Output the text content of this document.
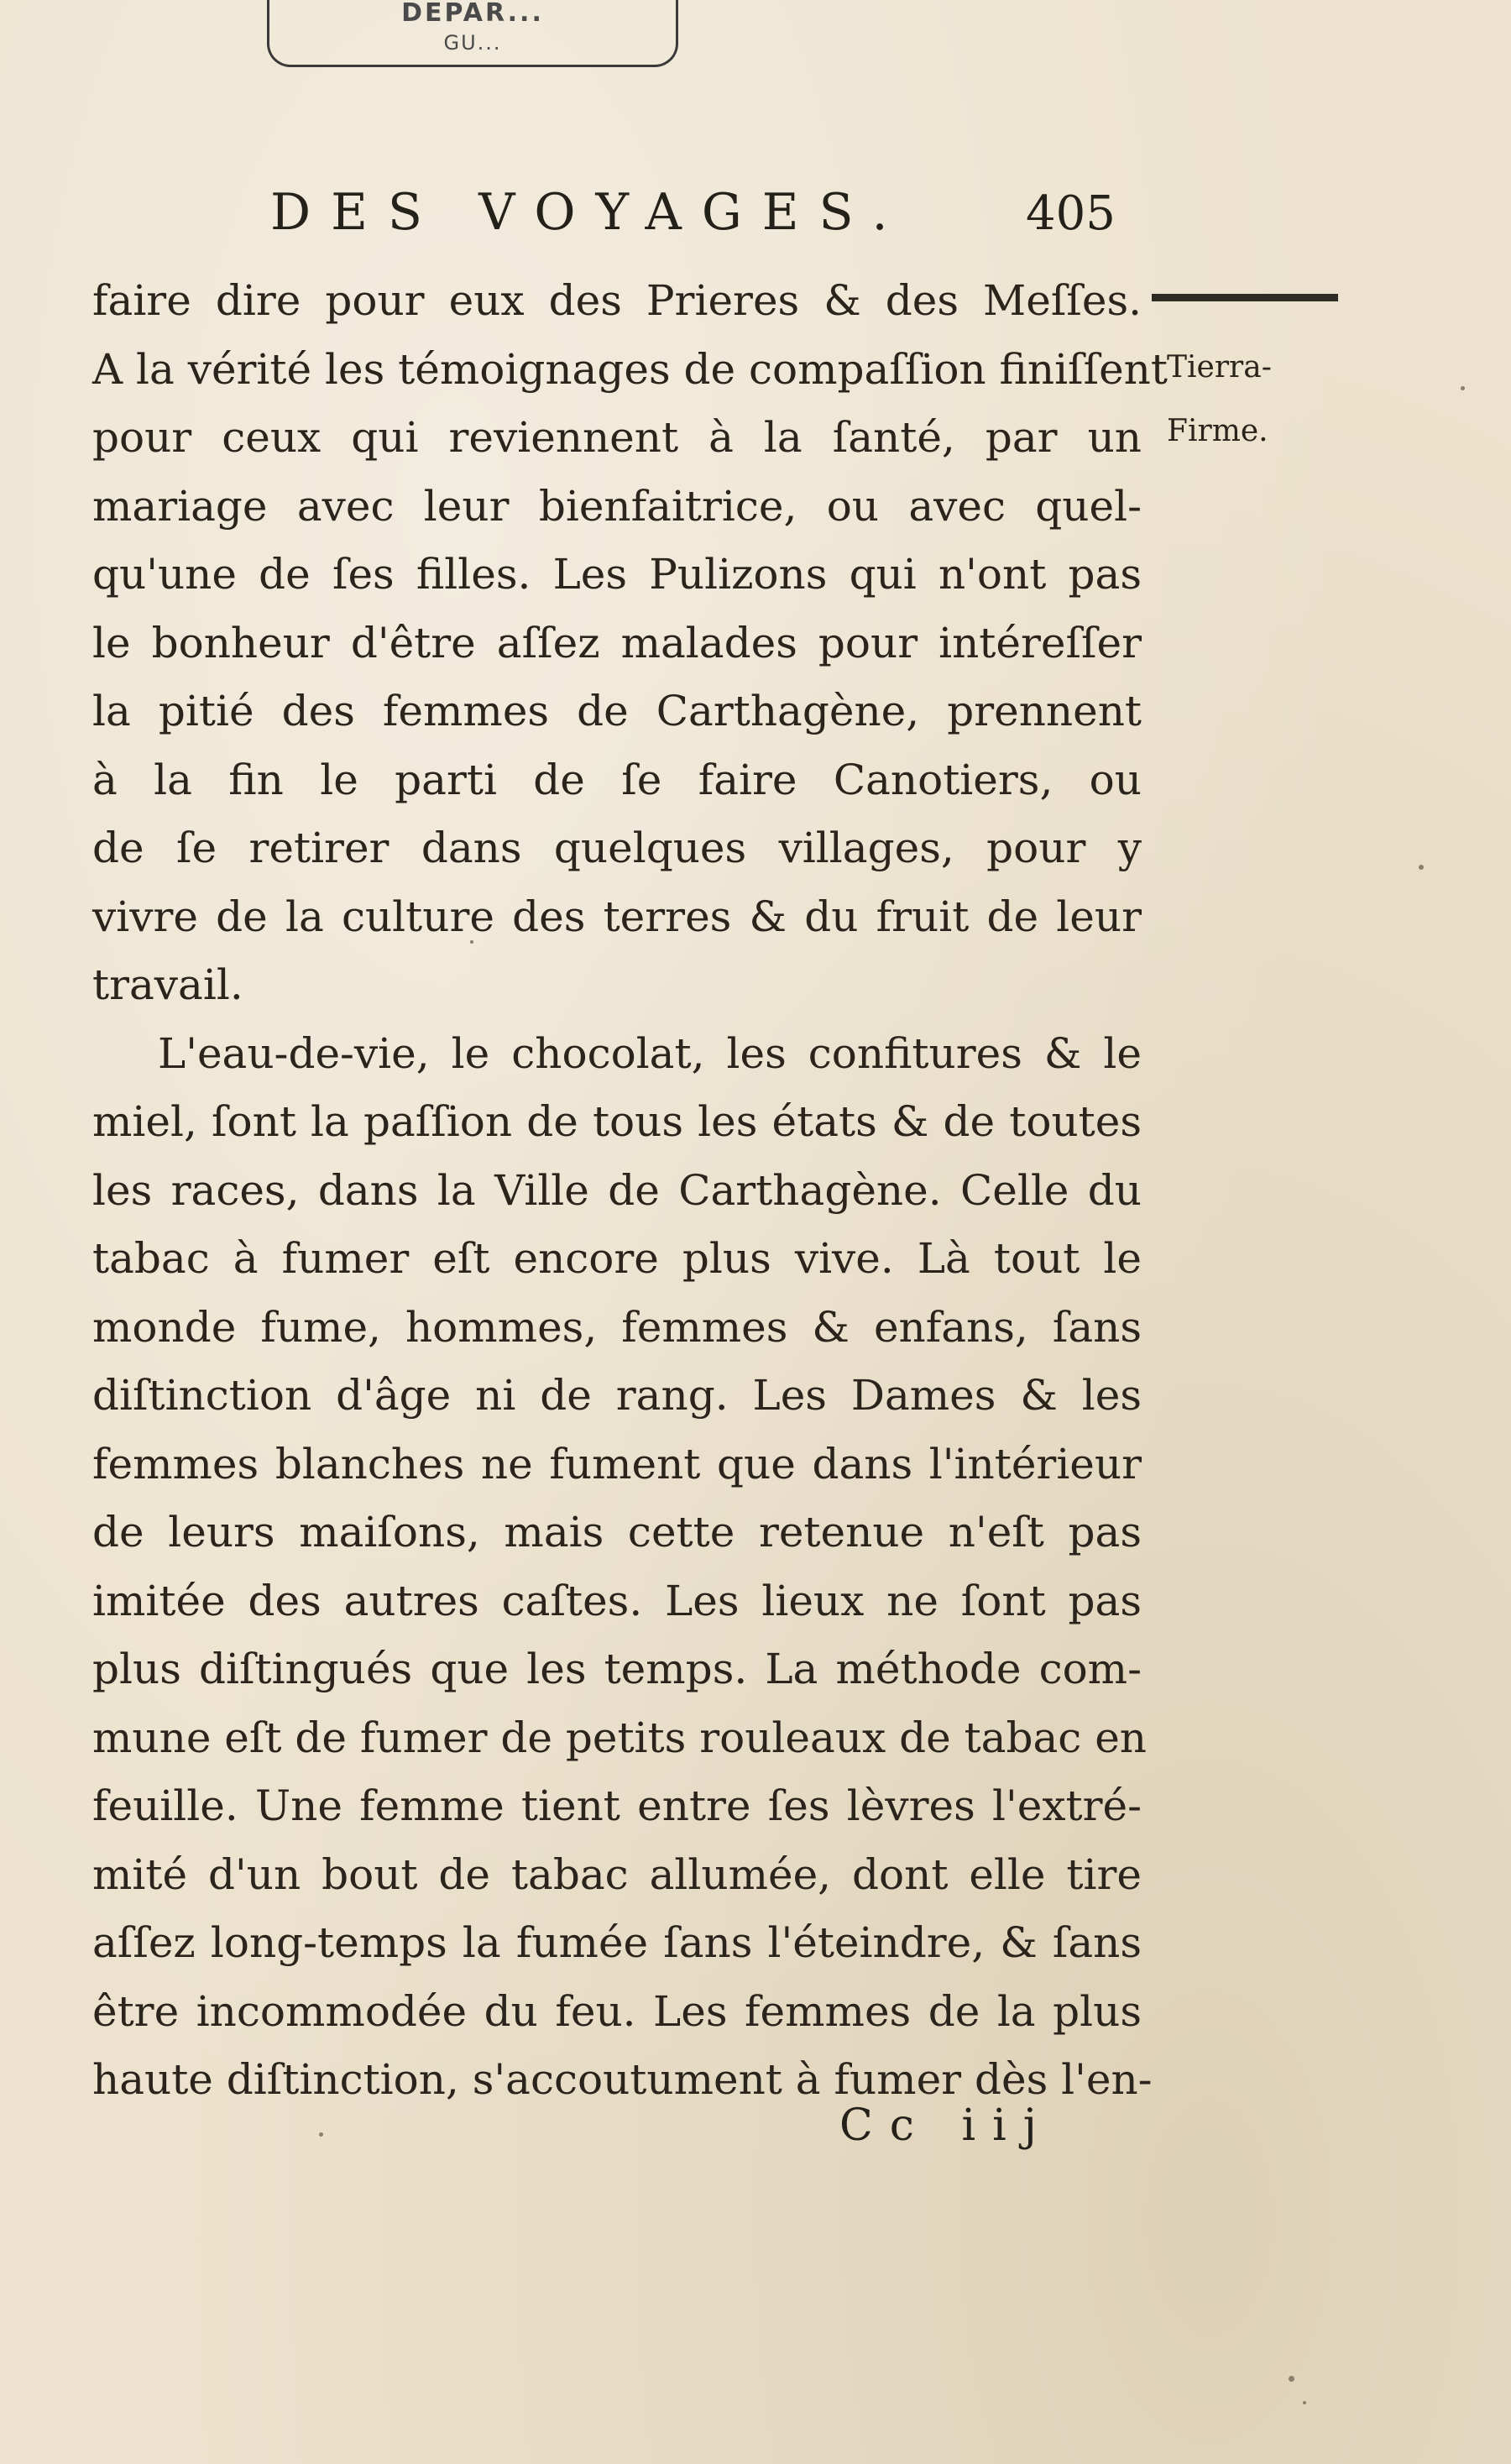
DEPAR...
GU...
DES VOYAGES.	405
Tierra-
Firme.
faire dire pour eux des Prieres & des Meſſes.
A la vérité les témoignages de compaſſion finiſſent
pour ceux qui reviennent à la ſanté, par un
mariage avec leur bienfaitrice, ou avec quel-
qu'une de ſes filles. Les Pulizons qui n'ont pas
le bonheur d'être aſſez malades pour intéreſſer
la pitié des femmes de Carthagène, prennent
à la fin le parti de ſe faire Canotiers, ou
de ſe retirer dans quelques villages, pour y
vivre de la culture des terres & du fruit de leur
travail.
L'eau-de-vie, le chocolat, les confitures & le
miel, ſont la paſſion de tous les états & de toutes
les races, dans la Ville de Carthagène. Celle du
tabac à fumer eſt encore plus vive. Là tout le
monde fume, hommes, femmes & enfans, ſans
diſtinction d'âge ni de rang. Les Dames & les
femmes blanches ne fument que dans l'intérieur
de leurs maiſons, mais cette retenue n'eſt pas
imitée des autres caſtes. Les lieux ne ſont pas
plus diſtingués que les temps. La méthode com-
mune eſt de fumer de petits rouleaux de tabac en
feuille. Une femme tient entre ſes lèvres l'extré-
mité d'un bout de tabac allumée, dont elle tire
aſſez long-temps la fumée ſans l'éteindre, & ſans
être incommodée du feu. Les femmes de la plus
haute diſtinction, s'accoutument à fumer dès l'en-
Cc iij
